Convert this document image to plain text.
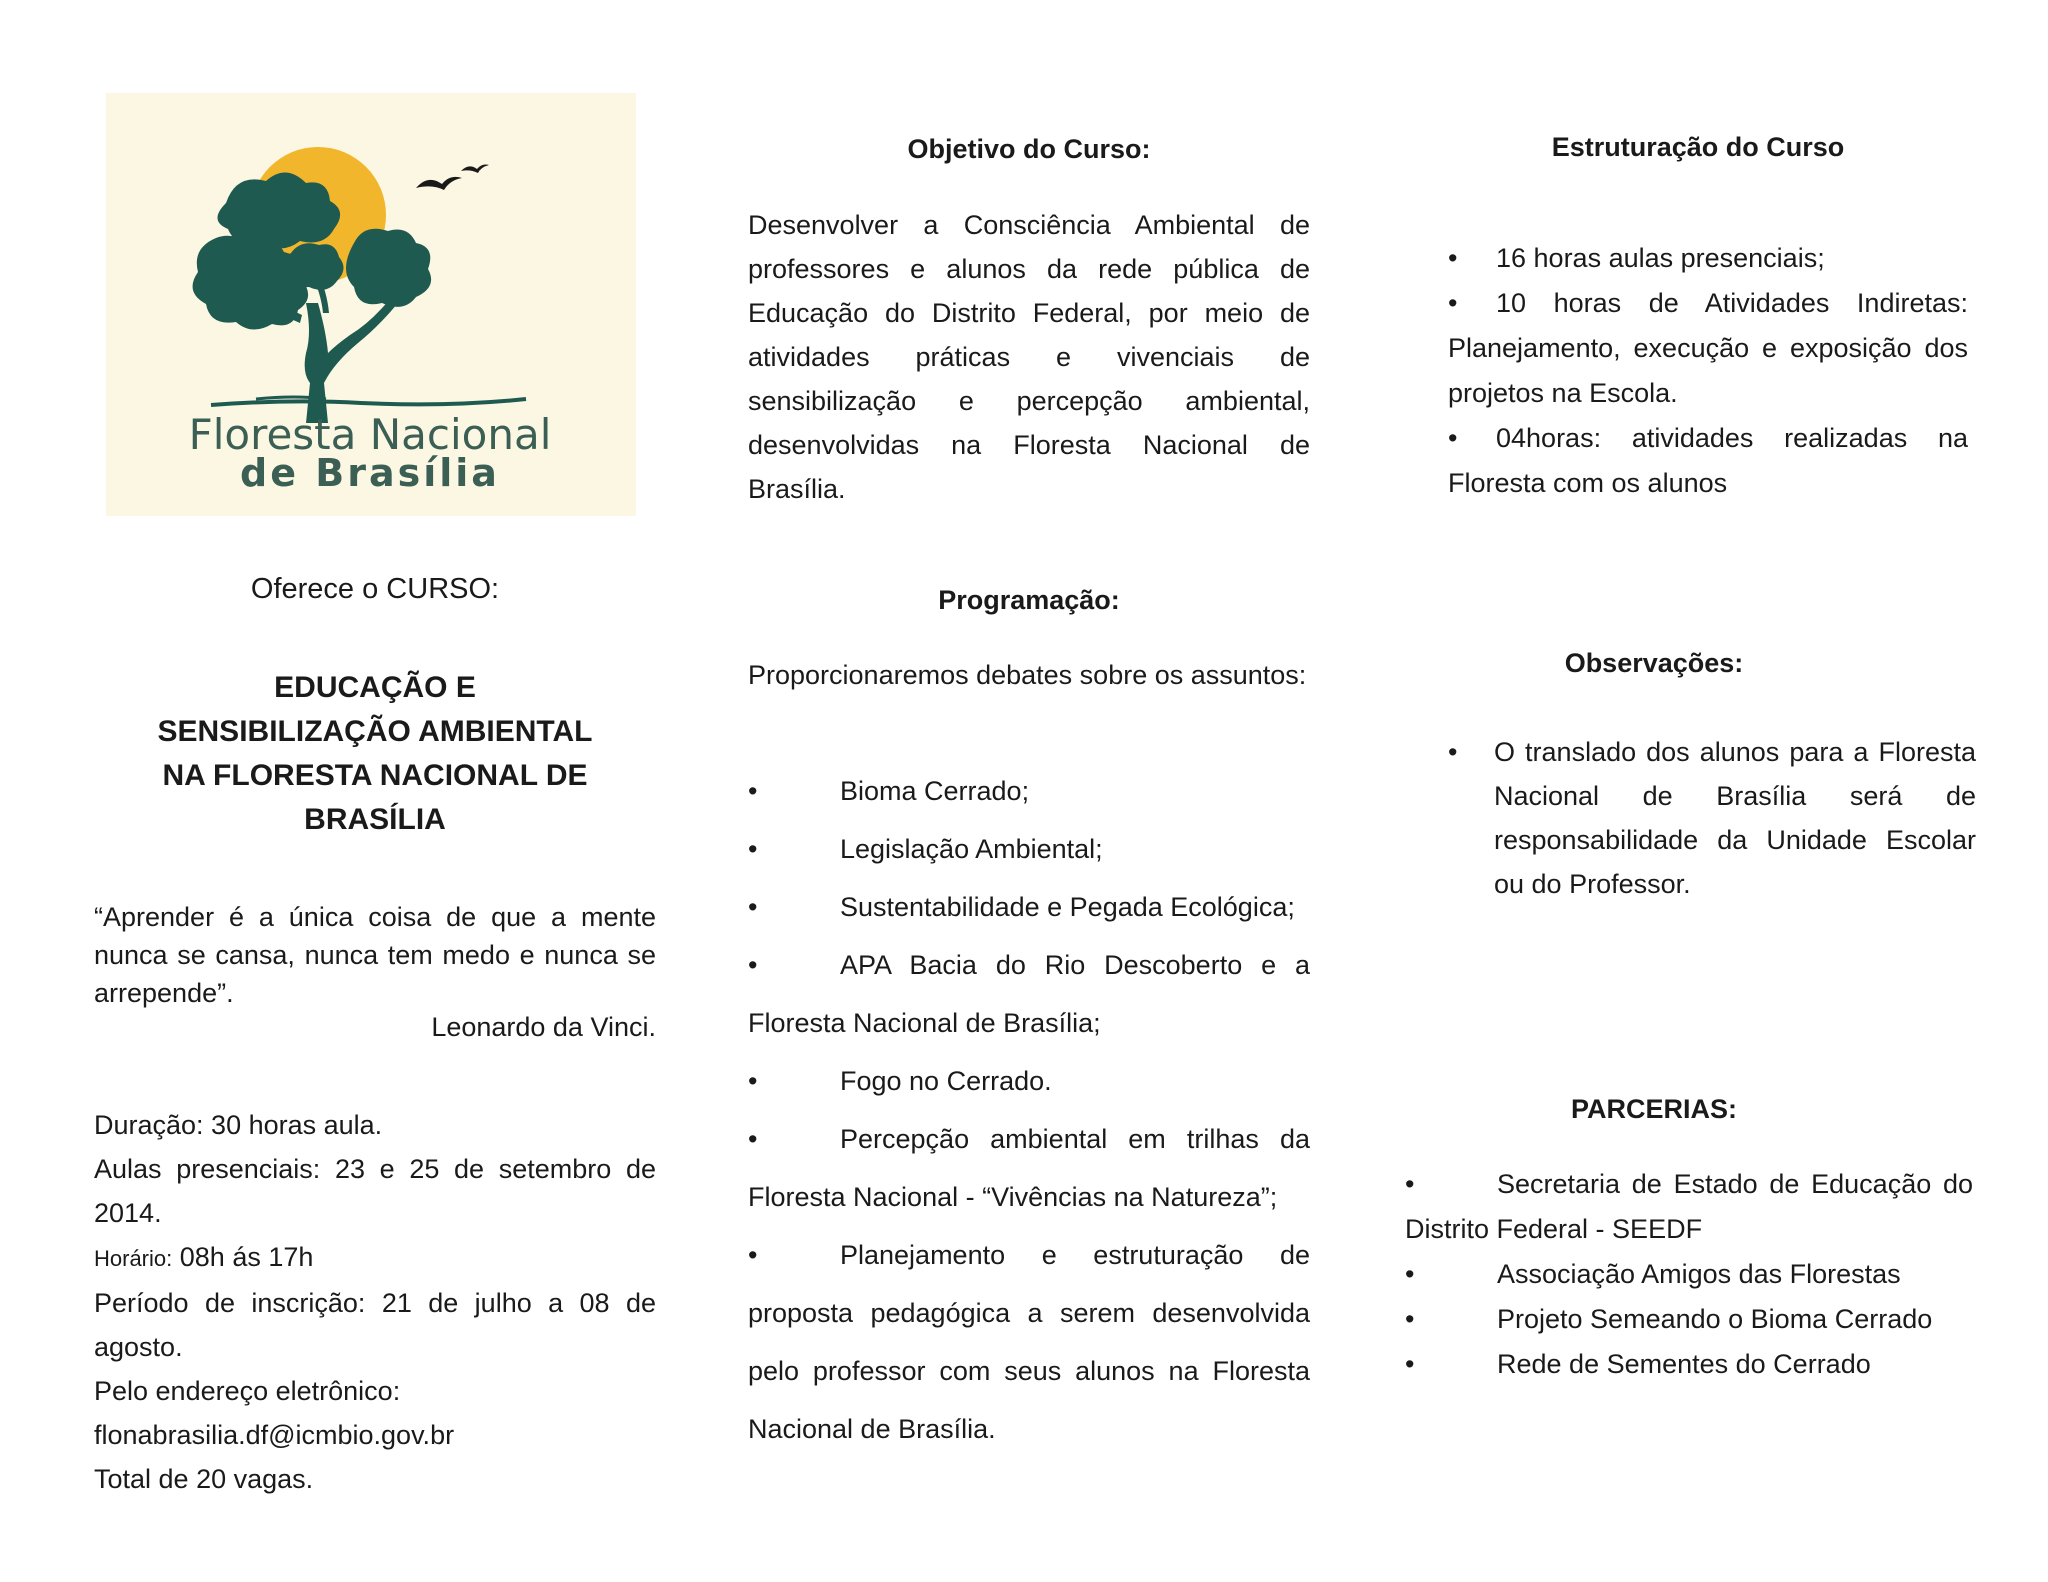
Floresta Nacional
de Brasília
Oferece o CURSO:
EDUCAÇÃO E
SENSIBILIZAÇÃO AMBIENTAL
NA FLORESTA NACIONAL DE
BRASÍLIA
“Aprender é a única coisa de que a mente nunca se cansa, nunca tem medo e nunca se arrepende”.
Leonardo da Vinci.
Duração: 30 horas aula.
Aulas presenciais: 23 e 25 de setembro de 2014.
Horário: 08h ás 17h
Período de inscrição: 21 de julho a 08 de agosto.
Pelo endereço eletrônico:
flonabrasilia.df@icmbio.gov.br
Total de 20 vagas.
Objetivo do Curso:
Desenvolver a Consciência Ambiental de professores e alunos da rede pública de Educação do Distrito Federal, por meio de atividades práticas e vivenciais de sensibilização e percepção ambiental, desenvolvidas na Floresta Nacional de Brasília.
Programação:
Proporcionaremos debates sobre os assuntos:
•	Bioma Cerrado;
•	Legislação Ambiental;
•	Sustentabilidade e Pegada Ecológica;
•	APA Bacia do Rio Descoberto e a Floresta Nacional de Brasília;
•	Fogo no Cerrado.
•	Percepção ambiental em trilhas da Floresta Nacional - “Vivências na Natureza”;
•	Planejamento e estruturação de proposta pedagógica a serem desenvolvida pelo professor com seus alunos na Floresta Nacional de Brasília.
Estruturação do Curso
•	16 horas aulas presenciais;
•	10 horas de Atividades Indiretas: Planejamento, execução e exposição dos projetos na Escola.
•	04horas: atividades realizadas na Floresta com os alunos
Observações:
• O translado dos alunos para a Floresta Nacional de Brasília será de responsabilidade da Unidade Escolar ou do Professor.
PARCERIAS:
•	Secretaria de Estado de Educação do Distrito Federal - SEEDF
•	Associação Amigos das Florestas
•	Projeto Semeando o Bioma Cerrado
•	Rede de Sementes do Cerrado
